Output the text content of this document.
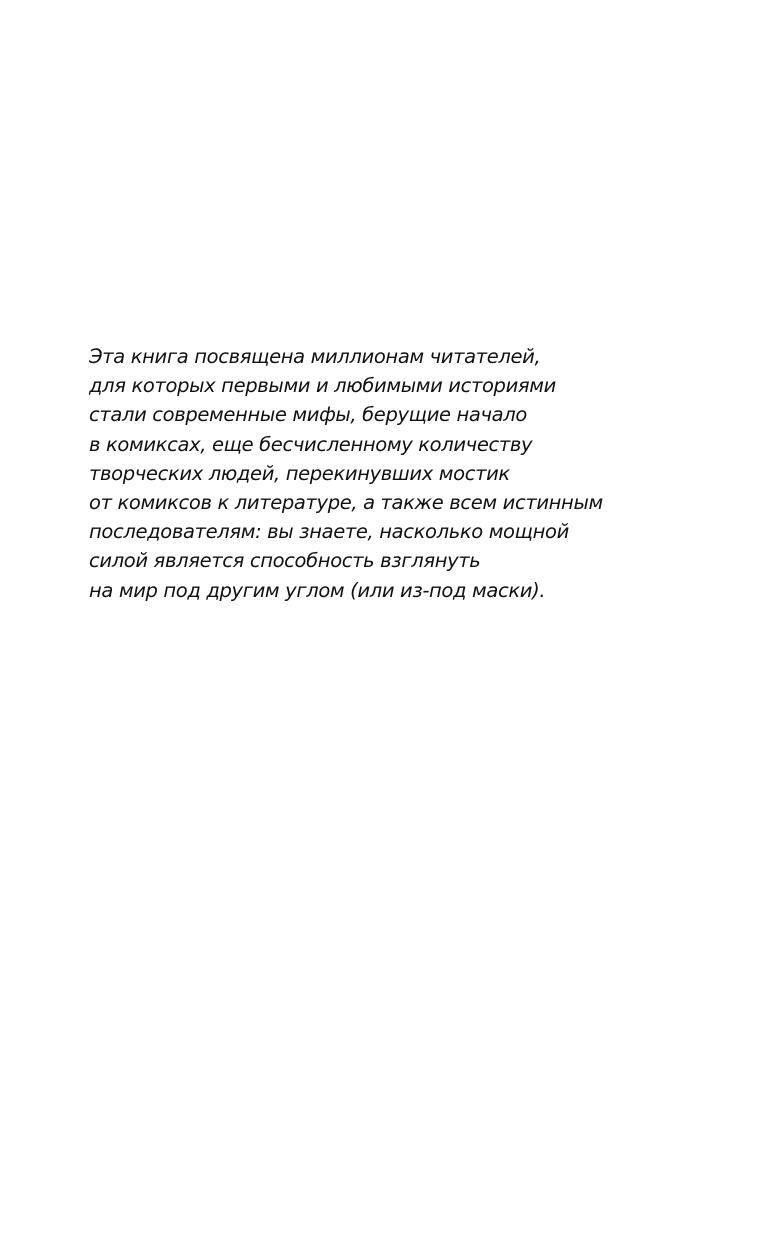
Эта книга посвящена миллионам читателей,
для которых первыми и любимыми историями
стали современные мифы, берущие начало
в комиксах, еще бесчисленному количеству
творческих людей, перекинувших мостик
от комиксов к литературе, а также всем истинным
последователям: вы знаете, насколько мощной
силой является способность взглянуть
на мир под другим углом (или из-под маски).
